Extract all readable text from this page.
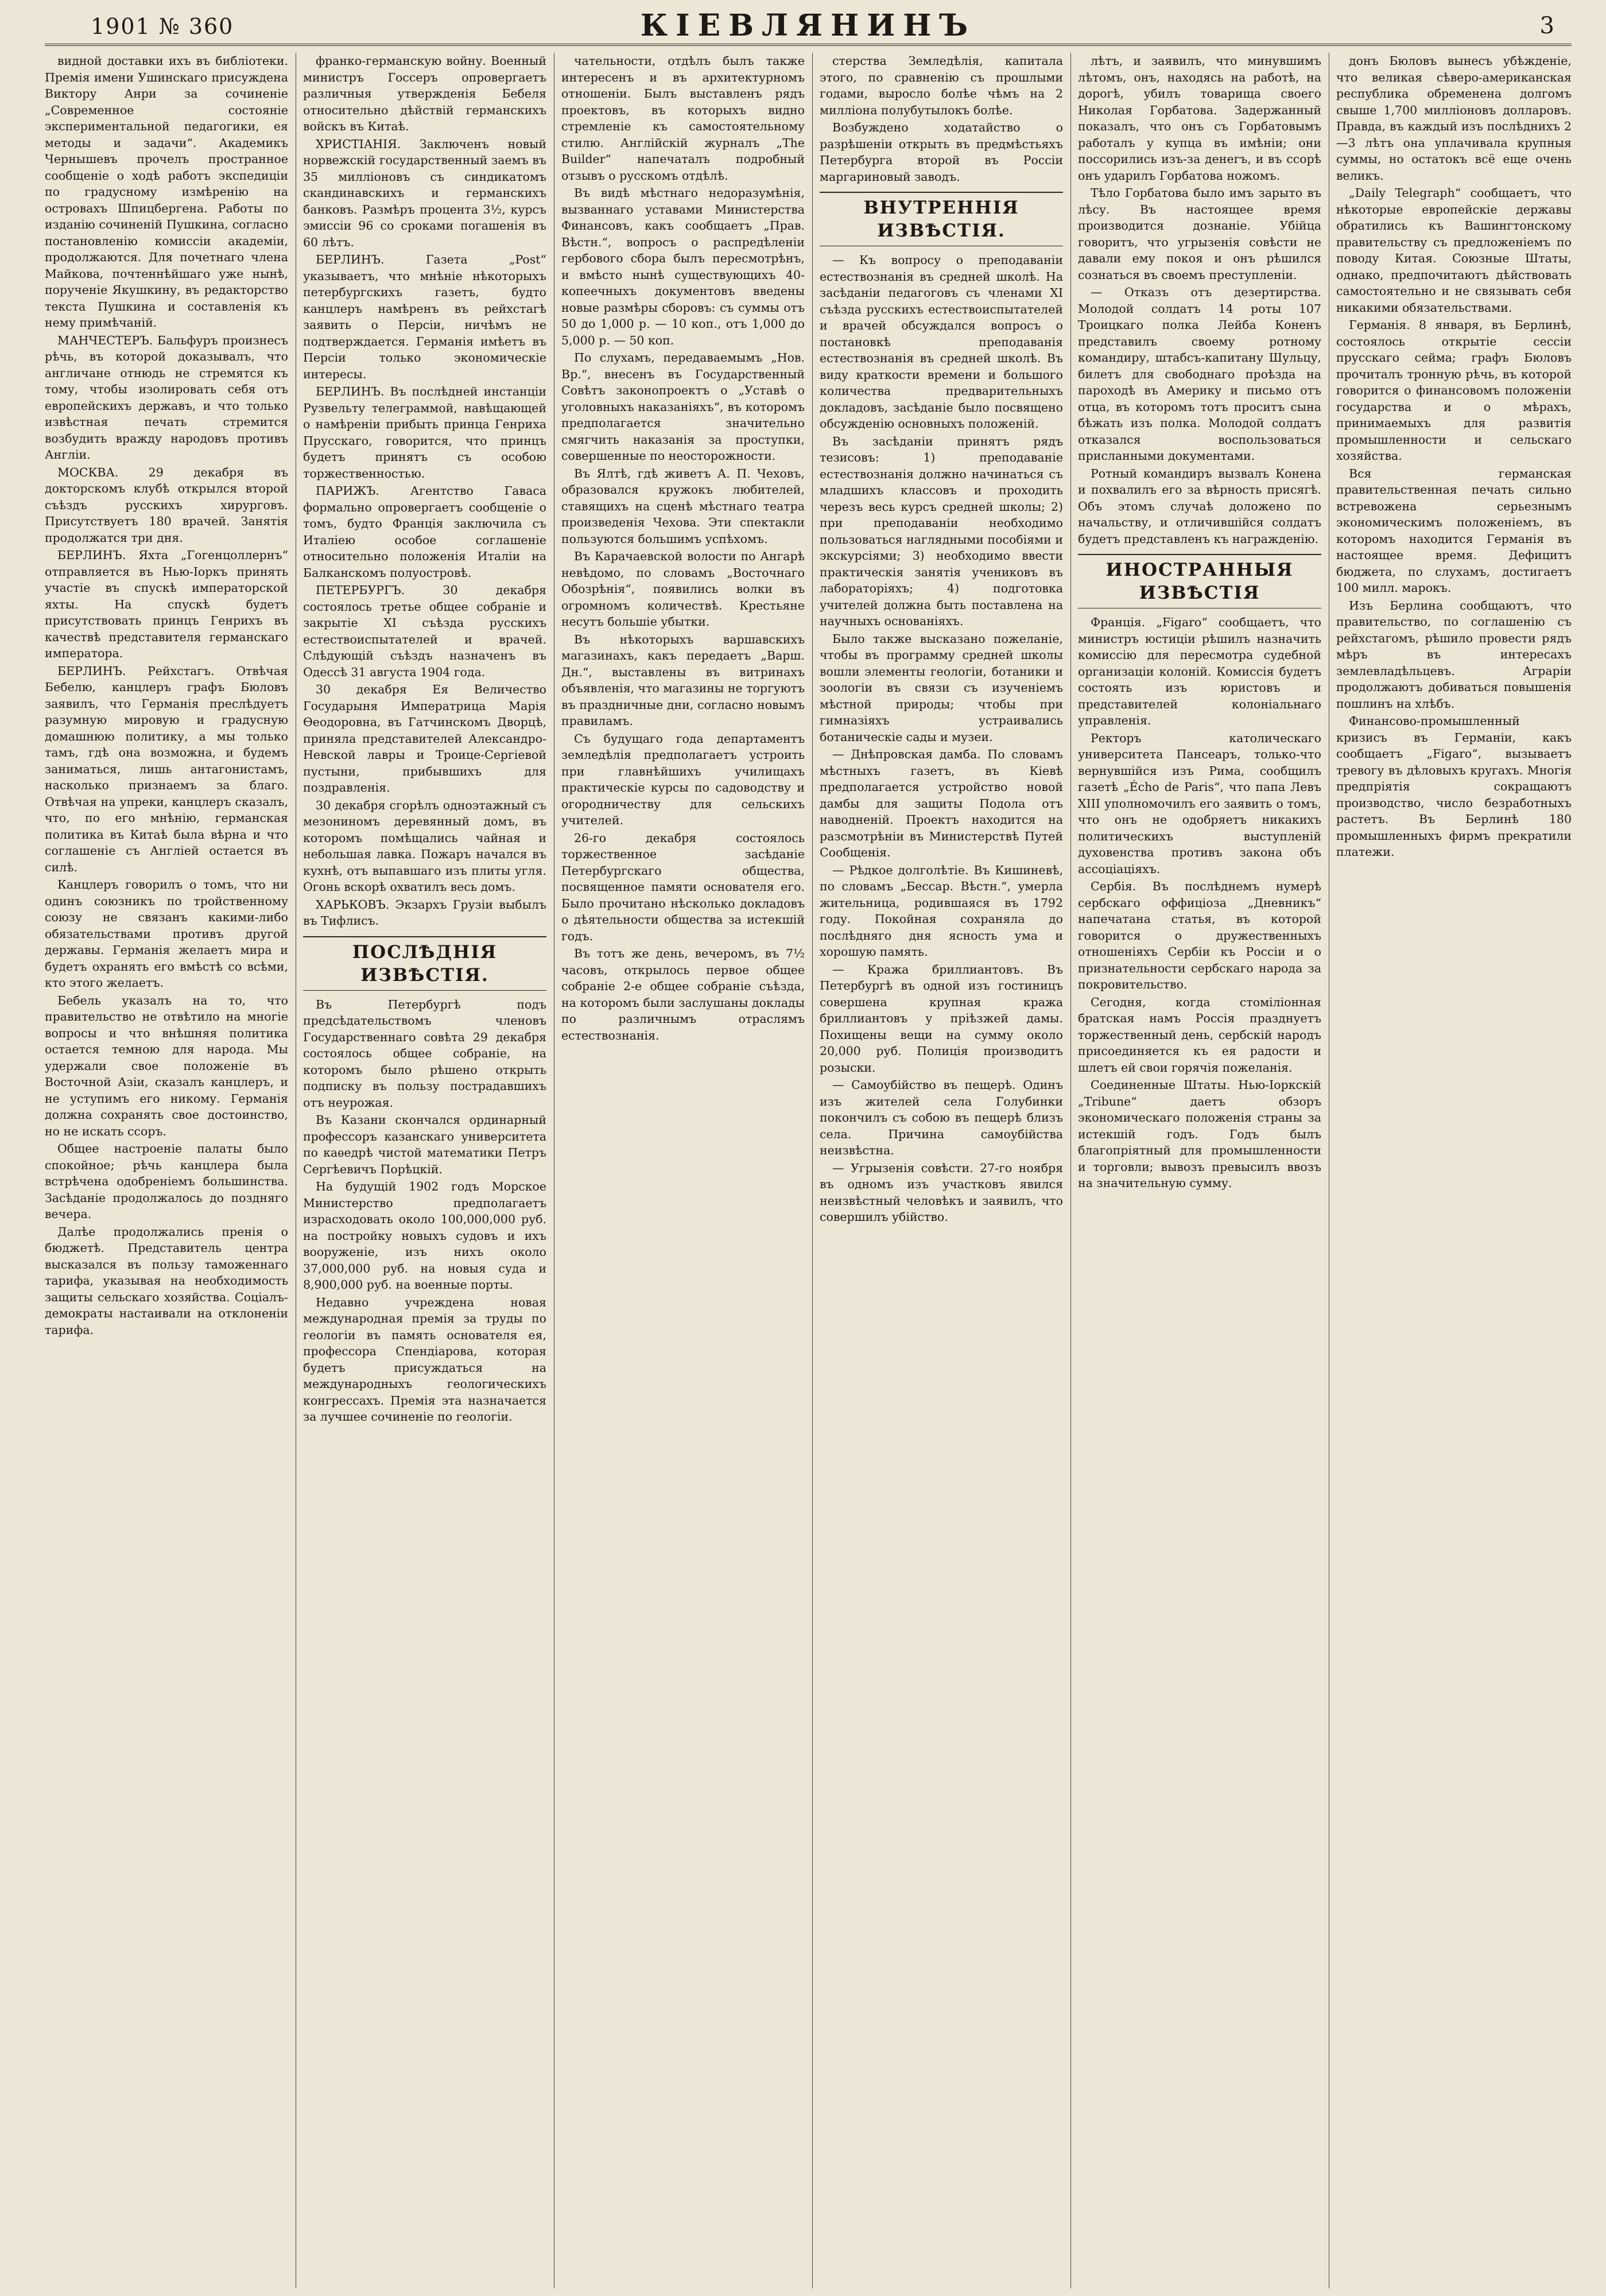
1901 № 360	КІЕВЛЯНИНЪ	3

видной доставки ихъ въ библіотеки. Премія имени Ушинскаго присуждена Виктору Анри за сочиненіе „Современное состояніе экспериментальной педагогики, ея методы и задачи“. Академикъ Чернышевъ прочелъ пространное сообщеніе о ходѣ работъ экспедиціи по градусному измѣренію на островахъ Шпицбергена. Работы по изданію сочиненій Пушкина, согласно постановленію комиссіи академіи, продолжаются. Для почетнаго члена Майкова, почтеннѣйшаго уже нынѣ, порученіе Якушкину, въ редакторство текста Пушкина и составленія къ нему примѣчаній.

МАНЧЕСТЕРЪ. Бальфуръ произнесъ рѣчь, въ которой доказывалъ, что англичане отнюдь не стремятся къ тому, чтобы изолировать себя отъ европейскихъ державъ, и что только извѣстная печать стремится возбудить вражду народовъ противъ Англіи.

МОСКВА. 29 декабря въ докторскомъ клубѣ открылся второй съѣздъ русскихъ хирурговъ. Присутствуетъ 180 врачей. Занятія продолжатся три дня.

БЕРЛИНЪ. Яхта „Гогенцоллернъ“ отправляется въ Нью-Іоркъ принять участіе въ спускѣ императорской яхты. На спускѣ будетъ присутствовать принцъ Генрихъ въ качествѣ представителя германскаго императора.

БЕРЛИНЪ. Рейхстагъ. Отвѣчая Бебелю, канцлеръ графъ Бюловъ заявилъ, что Германія преслѣдуетъ разумную мировую и градусную домашнюю политику, а мы только тамъ, гдѣ она возможна, и будемъ заниматься, лишь антагонистамъ, насколько признаемъ за благо. Отвѣчая на упреки, канцлеръ сказалъ, что, по его мнѣнію, германская политика въ Китаѣ была вѣрна и что соглашеніе съ Англіей остается въ силѣ.

Канцлеръ говорилъ о томъ, что ни одинъ союзникъ по тройственному союзу не связанъ какими-либо обязательствами противъ другой державы. Германія желаетъ мира и будетъ охранять его вмѣстѣ со всѣми, кто этого желаетъ.

Бебель указалъ на то, что правительство не отвѣтило на многіе вопросы и что внѣшняя политика остается темною для народа. Мы удержали свое положеніе въ Восточной Азіи, сказалъ канцлеръ, и не уступимъ его никому. Германія должна сохранять свое достоинство, но не искать ссоръ.

Общее настроеніе палаты было спокойное; рѣчь канцлера была встрѣчена одобреніемъ большинства. Засѣданіе продолжалось до поздняго вечера.

Далѣе продолжались пренія о бюджетѣ. Представитель центра высказался въ пользу таможеннаго тарифа, указывая на необходимость защиты сельскаго хозяйства. Соціалъ-демократы настаивали на отклоненіи тарифа.

франко-германскую войну. Военный министръ Госсеръ опровергаетъ различныя утвержденія Бебеля относительно дѣйствій германскихъ войскъ въ Китаѣ.

ХРИСТІАНІЯ. Заключенъ новый норвежскій государственный заемъ въ 35 милліоновъ съ синдикатомъ скандинавскихъ и германскихъ банковъ. Размѣръ процента 3½, курсъ эмиссіи 96 со сроками погашенія въ 60 лѣтъ.

БЕРЛИНЪ. Газета „Post“ указываетъ, что мнѣніе нѣкоторыхъ петербургскихъ газетъ, будто канцлеръ намѣренъ въ рейхстагѣ заявить о Персіи, ничѣмъ не подтверждается. Германія имѣетъ въ Персіи только экономическіе интересы.

БЕРЛИНЪ. Въ послѣдней инстанціи Рузвельту телеграммой, навѣщающей о намѣреніи прибыть принца Генриха Прусскаго, говорится, что принцъ будетъ принятъ съ особою торжественностью.

ПАРИЖЪ. Агентство Гаваса формально опровергаетъ сообщеніе о томъ, будто Франція заключила съ Италіею особое соглашеніе относительно положенія Италіи на Балканскомъ полуостровѣ.

ПЕТЕРБУРГЪ. 30 декабря состоялось третье общее собраніе и закрытіе XI съѣзда русскихъ естествоиспытателей и врачей. Слѣдующій съѣздъ назначенъ въ Одессѣ 31 августа 1904 года.

30 декабря Ея Величество Государыня Императрица Марія Ѳеодоровна, въ Гатчинскомъ Дворцѣ, приняла представителей Александро-Невской лавры и Троице-Сергіевой пустыни, прибывшихъ для поздравленія.

30 декабря сгорѣлъ одноэтажный съ мезониномъ деревянный домъ, въ которомъ помѣщались чайная и небольшая лавка. Пожаръ начался въ кухнѣ, отъ выпавшаго изъ плиты угля. Огонь вскорѣ охватилъ весь домъ.

ХАРЬКОВЪ. Экзархъ Грузіи выбылъ въ Тифлисъ.

ПОСЛѢДНІЯ ИЗВѢСТІЯ.

Въ Петербургѣ подъ предсѣдательствомъ членовъ Государственнаго совѣта 29 декабря состоялось общее собраніе, на которомъ было рѣшено открыть подписку въ пользу пострадавшихъ отъ неурожая.

Въ Казани скончался ординарный профессоръ казанскаго университета по каѳедрѣ чистой математики Петръ Сергѣевичъ Порѣцкій.

На будущій 1902 годъ Морское Министерство предполагаетъ израсходовать около 100,000,000 руб. на постройку новыхъ судовъ и ихъ вооруженіе, изъ нихъ около 37,000,000 руб. на новыя суда и 8,900,000 руб. на военные порты.

Недавно учреждена новая международная премія за труды по геологіи въ память основателя ея, профессора Спендіарова, которая будетъ присуждаться на международныхъ геологическихъ конгрессахъ. Премія эта назначается за лучшее сочиненіе по геологіи.

чательности, отдѣлъ былъ также интересенъ и въ архитектурномъ отношеніи. Былъ выставленъ рядъ проектовъ, въ которыхъ видно стремленіе къ самостоятельному стилю. Англійскій журналъ „The Builder“ напечаталъ подробный отзывъ о русскомъ отдѣлѣ.

Въ видѣ мѣстнаго недоразумѣнія, вызваннаго уставами Министерства Финансовъ, какъ сообщаетъ „Прав. Вѣстн.“, вопросъ о распредѣленіи гербового сбора былъ пересмотрѣнъ, и вмѣсто нынѣ существующихъ 40-копеечныхъ документовъ введены новые размѣры сборовъ: съ суммы отъ 50 до 1,000 р. — 10 коп., отъ 1,000 до 5,000 р. — 50 коп.

По слухамъ, передаваемымъ „Нов. Вр.“, внесенъ въ Государственный Совѣтъ законопроектъ о „Уставѣ о уголовныхъ наказаніяхъ“, въ которомъ предполагается значительно смягчить наказанія за проступки, совершенные по неосторожности.

Въ Ялтѣ, гдѣ живетъ А. П. Чеховъ, образовался кружокъ любителей, ставящихъ на сценѣ мѣстнаго театра произведенія Чехова. Эти спектакли пользуются большимъ успѣхомъ.

Въ Карачаевской волости по Ангарѣ невѣдомо, по словамъ „Восточнаго Обозрѣнія“, появились волки въ огромномъ количествѣ. Крестьяне несутъ большіе убытки.

Въ нѣкоторыхъ варшавскихъ магазинахъ, какъ передаетъ „Варш. Дн.“, выставлены въ витринахъ объявленія, что магазины не торгуютъ въ праздничные дни, согласно новымъ правиламъ.

Съ будущаго года департаментъ земледѣлія предполагаетъ устроить при главнѣйшихъ училищахъ практическіе курсы по садоводству и огородничеству для сельскихъ учителей.

26-го декабря состоялось торжественное засѣданіе Петербургскаго общества, посвященное памяти основателя его. Было прочитано нѣсколько докладовъ о дѣятельности общества за истекшій годъ.

Въ тотъ же день, вечеромъ, въ 7½ часовъ, открылось первое общее собраніе 2-е общее собраніе съѣзда, на которомъ были заслушаны доклады по различнымъ отраслямъ естествознанія.

стерства Земледѣлія, капитала этого, по сравненію съ прошлыми годами, выросло болѣе чѣмъ на 2 милліона полубутылокъ болѣе.

Возбуждено ходатайство о разрѣшеніи открыть въ предмѣстьяхъ Петербурга второй въ Россіи маргариновый заводъ.

ВНУТРЕННІЯ ИЗВѢСТІЯ.

— Къ вопросу о преподаваніи естествознанія въ средней школѣ. На засѣданіи педагоговъ съ членами XI съѣзда русскихъ естествоиспытателей и врачей обсуждался вопросъ о постановкѣ преподаванія естествознанія въ средней школѣ. Въ виду краткости времени и большого количества предварительныхъ докладовъ, засѣданіе было посвящено обсужденію основныхъ положеній.

Въ засѣданіи принятъ рядъ тезисовъ: 1) преподаваніе естествознанія должно начинаться съ младшихъ классовъ и проходить черезъ весь курсъ средней школы; 2) при преподаваніи необходимо пользоваться наглядными пособіями и экскурсіями; 3) необходимо ввести практическія занятія учениковъ въ лабораторіяхъ; 4) подготовка учителей должна быть поставлена на научныхъ основаніяхъ.

Было также высказано пожеланіе, чтобы въ программу средней школы вошли элементы геологіи, ботаники и зоологіи въ связи съ изученіемъ мѣстной природы; чтобы при гимназіяхъ устраивались ботаническіе сады и музеи.

— Днѣпровская дамба. По словамъ мѣстныхъ газетъ, въ Кіевѣ предполагается устройство новой дамбы для защиты Подола отъ наводненій. Проектъ находится на разсмотрѣніи въ Министерствѣ Путей Сообщенія.

— Рѣдкое долголѣтіе. Въ Кишиневѣ, по словамъ „Бессар. Вѣстн.“, умерла жительница, родившаяся въ 1792 году. Покойная сохраняла до послѣдняго дня ясность ума и хорошую память.

— Кража бриллиантовъ. Въ Петербургѣ въ одной изъ гостиницъ совершена крупная кража бриллиантовъ у пріѣзжей дамы. Похищены вещи на сумму около 20,000 руб. Полиція производитъ розыски.

— Самоубійство въ пещерѣ. Одинъ изъ жителей села Голубинки покончилъ съ собою въ пещерѣ близъ села. Причина самоубійства неизвѣстна.

— Угрызенія совѣсти. 27-го ноября въ одномъ изъ участковъ явился неизвѣстный человѣкъ и заявилъ, что совершилъ убійство.

лѣтъ, и заявилъ, что минувшимъ лѣтомъ, онъ, находясь на работѣ, на дорогѣ, убилъ товарища своего Николая Горбатова. Задержанный показалъ, что онъ съ Горбатовымъ работалъ у купца въ имѣніи; они поссорились изъ-за денегъ, и въ ссорѣ онъ ударилъ Горбатова ножомъ.

Тѣло Горбатова было имъ зарыто въ лѣсу. Въ настоящее время производится дознаніе. Убійца говоритъ, что угрызенія совѣсти не давали ему покоя и онъ рѣшился сознаться въ своемъ преступленіи.

— Отказъ отъ дезертирства. Молодой солдатъ 14 роты 107 Троицкаго полка Лейба Коненъ представилъ своему ротному командиру, штабсъ-капитану Шульцу, билетъ для свободнаго проѣзда на пароходѣ въ Америку и письмо отъ отца, въ которомъ тотъ проситъ сына бѣжать изъ полка. Молодой солдатъ отказался воспользоваться присланными документами.

Ротный командиръ вызвалъ Коненa и похвалилъ его за вѣрность присягѣ. Объ этомъ случаѣ доложено по начальству, и отличившійся солдатъ будетъ представленъ къ награжденію.

ИНОСТРАННЫЯ ИЗВѢСТІЯ

Франція. „Figaro“ сообщаетъ, что министръ юстиціи рѣшилъ назначить комиссію для пересмотра судебной организаціи колоній. Комиссія будетъ состоять изъ юристовъ и представителей колоніальнаго управленія.

Ректоръ католическаго университета Пансеаръ, только-что вернувшійся изъ Рима, сообщилъ газетѣ „Écho de Paris“, что папа Левъ XIII уполномочилъ его заявить о томъ, что онъ не одобряетъ никакихъ политическихъ выступленій духовенства противъ закона объ ассоціаціяхъ.

Сербія. Въ послѣднемъ нумерѣ сербскаго оффиціоза „Дневникъ“ напечатана статья, въ которой говорится о дружественныхъ отношеніяхъ Сербіи къ Россіи и о признательности сербскаго народа за покровительство.

Сегодня, когда стоміліонная братская намъ Россія празднуетъ торжественный день, сербскій народъ присоединяется къ ея радости и шлетъ ей свои горячія пожеланія.

Соединенные Штаты. Нью-Іоркскій „Tribune“ даетъ обзоръ экономическаго положенія страны за истекшій годъ. Годъ былъ благопріятный для промышленности и торговли; вывозъ превысилъ ввозъ на значительную сумму.

донъ Бюловъ вынесъ убѣжденіе, что великая сѣверо-американская республика обременена долгомъ свыше 1,700 милліоновъ долларовъ. Правда, въ каждый изъ послѣднихъ 2—3 лѣтъ она уплачивала крупныя суммы, но остатокъ всё еще очень великъ.

„Daily Telegraph“ сообщаетъ, что нѣкоторые европейскіе державы обратились къ Вашингтонскому правительству съ предложеніемъ по поводу Китая. Союзные Штаты, однако, предпочитаютъ дѣйствовать самостоятельно и не связывать себя никакими обязательствами.

Германія. 8 января, въ Берлинѣ, состоялось открытіе сессіи прусскаго сейма; графъ Бюловъ прочиталъ тронную рѣчь, въ которой говорится о финансовомъ положеніи государства и о мѣрахъ, принимаемыхъ для развитія промышленности и сельскаго хозяйства.

Вся германская правительственная печать сильно встревожена серьезнымъ экономическимъ положеніемъ, въ которомъ находится Германія въ настоящее время. Дефицитъ бюджета, по слухамъ, достигаетъ 100 милл. марокъ.

Изъ Берлина сообщаютъ, что правительство, по соглашенію съ рейхстагомъ, рѣшило провести рядъ мѣръ въ интересахъ землевладѣльцевъ. Аграріи продолжаютъ добиваться повышенія пошлинъ на хлѣбъ.

Финансово-промышленный кризисъ въ Германіи, какъ сообщаетъ „Figaro“, вызываетъ тревогу въ дѣловыхъ кругахъ. Многія предпріятія сокращаютъ производство, число безработныхъ растетъ. Въ Берлинѣ 180 промышленныхъ фирмъ прекратили платежи.
